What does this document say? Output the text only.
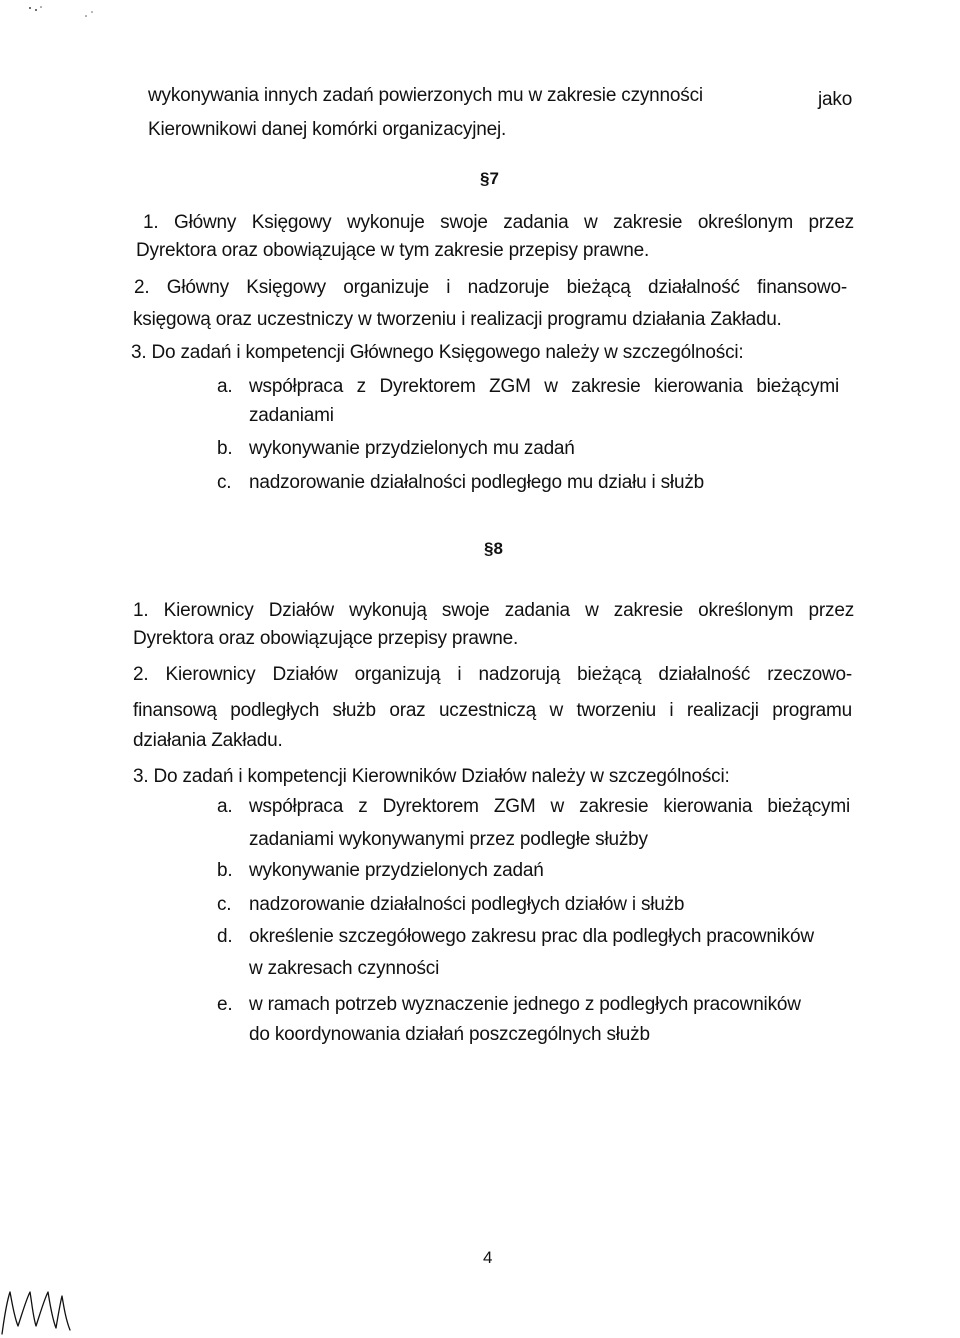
wykonywania innych zadań powierzonych mu w zakresie czynności	jako
Kierownikowi danej komórki organizacyjnej.
§7
1. Główny Księgowy wykonuje swoje zadania w zakresie określonym przez
Dyrektora oraz obowiązujące w tym zakresie przepisy prawne.
2. Główny Księgowy organizuje i nadzoruje bieżącą działalność finansowo-
księgową oraz uczestniczy w tworzeniu i realizacji programu działania Zakładu.
3. Do zadań i kompetencji Głównego Księgowego należy w szczególności:
a. współpraca z Dyrektorem ZGM w zakresie kierowania bieżącymi
zadaniami
b. wykonywanie przydzielonych mu zadań
c. nadzorowanie działalności podległego mu działu i służb
§8
1. Kierownicy Działów wykonują swoje zadania w zakresie określonym przez
Dyrektora oraz obowiązujące przepisy prawne.
2. Kierownicy Działów organizują i nadzorują bieżącą działalność rzeczowo-
finansową podległych służb oraz uczestniczą w tworzeniu i realizacji programu
działania Zakładu.
3. Do zadań i kompetencji Kierowników Działów należy w szczególności:
a. współpraca z Dyrektorem ZGM w zakresie kierowania bieżącymi
zadaniami wykonywanymi przez podległe służby
b. wykonywanie przydzielonych zadań
c. nadzorowanie działalności podległych działów i służb
d. określenie szczegółowego zakresu prac dla podległych pracowników
w zakresach czynności
e. w ramach potrzeb wyznaczenie jednego z podległych pracowników
do koordynowania działań poszczególnych służb
4
